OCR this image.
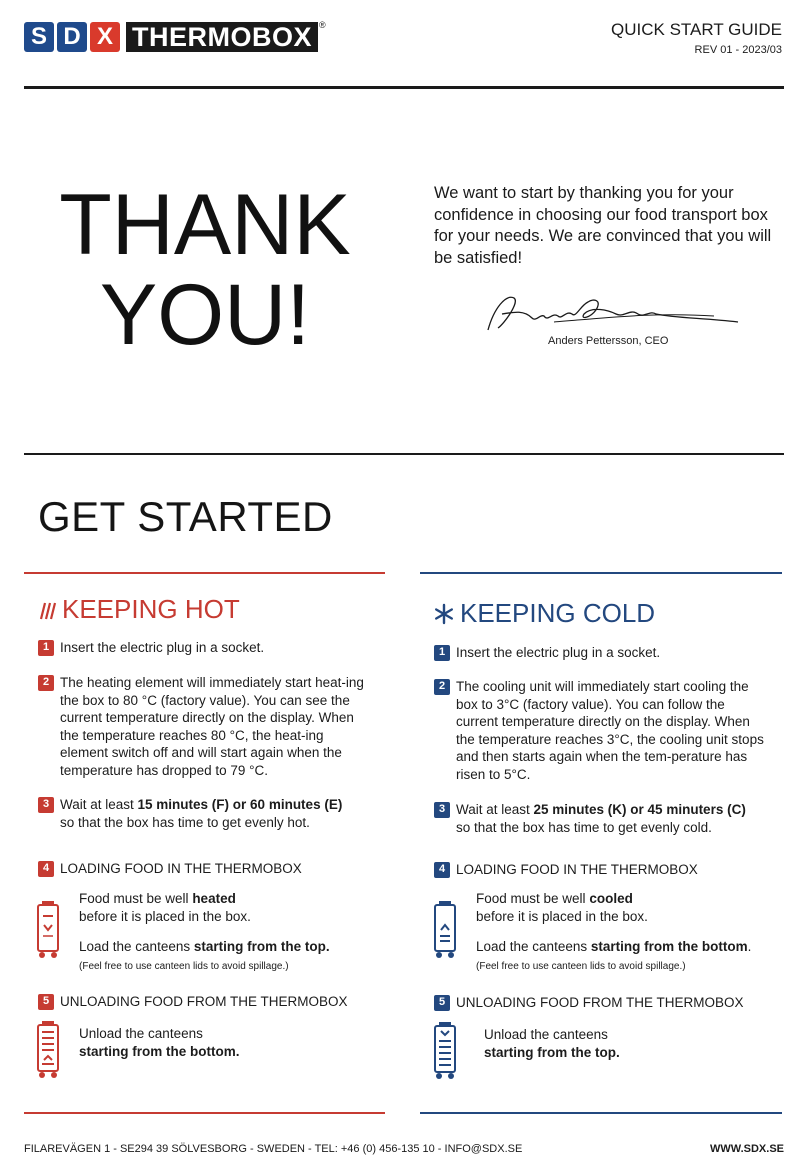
S D X THERMOBOX ®	QUICK START GUIDE
REV 01 - 2023/03
THANK
YOU!
We want to start by thanking you for your confidence in choosing our food transport box for your needs. We are convinced that you will be satisfied!
Anders Pettersson, CEO
GET STARTED
KEEPING HOT
1 Insert the electric plug in a socket.
2 The heating element will immediately start heat-ing the box to 80 °C (factory value). You can see the current temperature directly on the display. When the temperature reaches 80 °C, the heat-ing element switch off and will start again when the temperature has dropped to 79 °C.
3 Wait at least 15 minutes (F) or 60 minutes (E)
so that the box has time to get evenly hot.
4 LOADING FOOD IN THE THERMOBOX
Food must be well heated
before it is placed in the box.
Load the canteens starting from the top.
(Feel free to use canteen lids to avoid spillage.)
5 UNLOADING FOOD FROM THE THERMOBOX
Unload the canteens
starting from the bottom.
KEEPING COLD
1 Insert the electric plug in a socket.
2 The cooling unit will immediately start cooling the box to 3°C (factory value). You can follow the current temperature directly on the display. When the temperature reaches 3°C, the cooling unit stops and then starts again when the tem-perature has risen to 5°C.
3 Wait at least 25 minutes (K) or 45 minuters (C)
so that the box has time to get evenly cold.
4 LOADING FOOD IN THE THERMOBOX
Food must be well cooled
before it is placed in the box.
Load the canteens starting from the bottom.
(Feel free to use canteen lids to avoid spillage.)
5 UNLOADING FOOD FROM THE THERMOBOX
Unload the canteens
starting from the top.
FILAREVÄGEN 1 - SE294 39 SÖLVESBORG - SWEDEN - TEL: +46 (0) 456-135 10 - INFO@SDX.SE	WWW.SDX.SE
